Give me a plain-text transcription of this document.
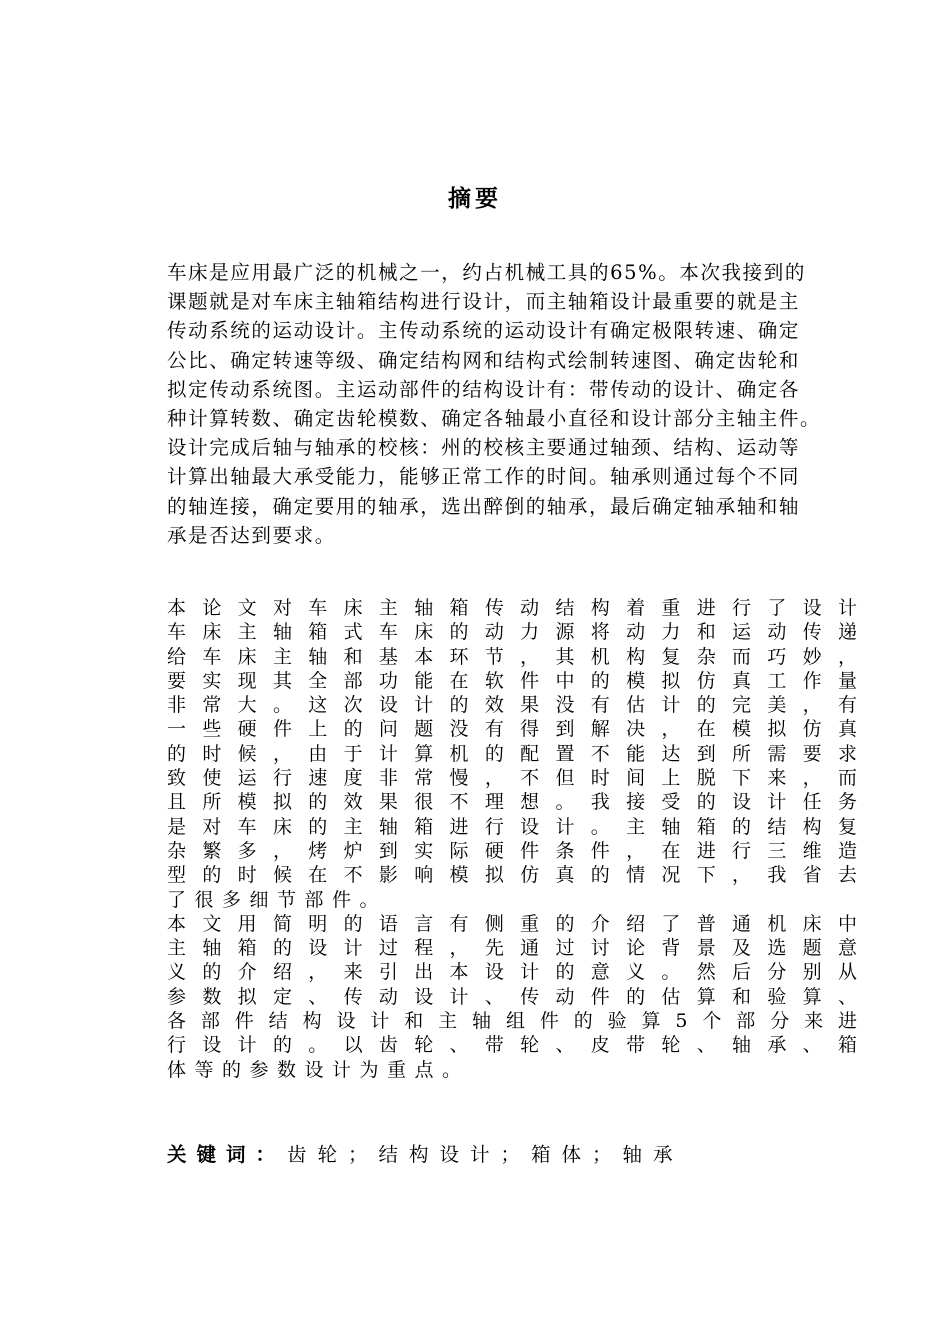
摘要
车床是应用最广泛的机械之一，约占机械工具的65%。本次我接到的
课题就是对车床主轴箱结构进行设计，而主轴箱设计最重要的就是主
传动系统的运动设计。主传动系统的运动设计有确定极限转速、确定
公比、确定转速等级、确定结构网和结构式绘制转速图、确定齿轮和
拟定传动系统图。主运动部件的结构设计有：带传动的设计、确定各
种计算转数、确定齿轮模数、确定各轴最小直径和设计部分主轴主件。
设计完成后轴与轴承的校核：州的校核主要通过轴颈、结构、运动等
计算出轴最大承受能力，能够正常工作的时间。轴承则通过每个不同
的轴连接，确定要用的轴承，选出醉倒的轴承，最后确定轴承轴和轴
承是否达到要求。
本论文对车床主轴箱传动结构着重进行了设计
车床主轴箱式车床的动力源将动力和运动传递
给车床主轴和基本环节，其机构复杂而巧妙，
要实现其全部功能在软件中的模拟仿真工作量
非常大。这次设计的效果没有估计的完美，有
一些硬件上的问题没有得到解决，在模拟仿真
的时候，由于计算机的配置不能达到所需要求
致使运行速度非常慢，不但时间上脱下来，而
且所模拟的效果很不理想。我接受的设计任务
是对车床的主轴箱进行设计。主轴箱的结构复
杂繁多，烤炉到实际硬件条件，在进行三维造
型的时候在不影响模拟仿真的情况下，我省去
了很多细节部件。
本文用简明的语言有侧重的介绍了普通机床中
主轴箱的设计过程，先通过讨论背景及选题意
义的介绍，来引出本设计的意义。然后分别从
参数拟定、传动设计、传动件的估算和验算、
各部件结构设计和主轴组件的验算5个部分来进
行设计的。以齿轮、带轮、皮带轮、轴承、箱
体等的参数设计为重点。
关键词： 齿轮；结构设计；箱体；轴承
